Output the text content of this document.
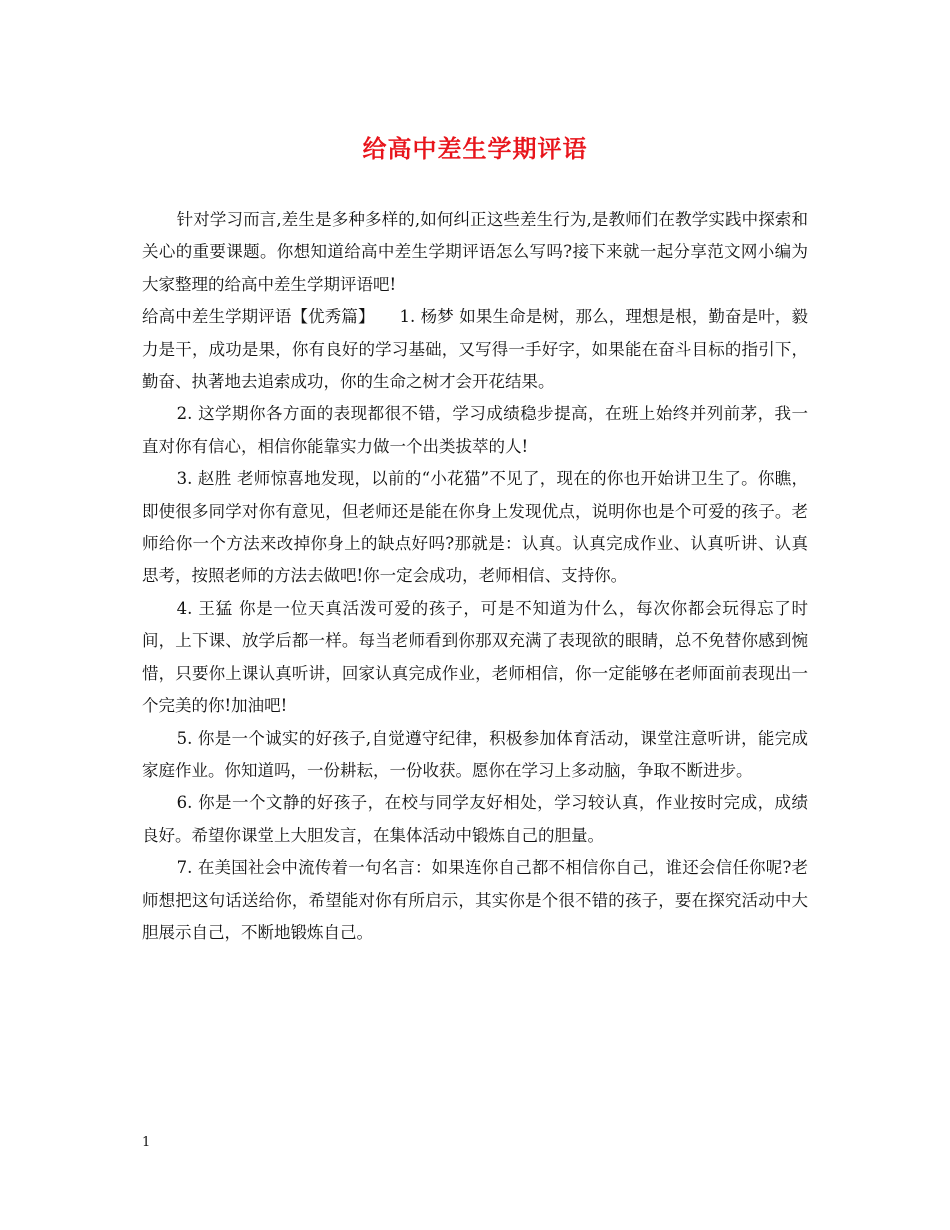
给高中差生学期评语

针对学习而言,差生是多种多样的,如何纠正这些差生行为,是教师们在教学实践中探索和关心的重要课题。你想知道给高中差生学期评语怎么写吗?接下来就一起分享范文网小编为大家整理的给高中差生学期评语吧!

给高中差生学期评语【优秀篇】　　1. 杨梦 如果生命是树，那么，理想是根，勤奋是叶，毅力是干，成功是果，你有良好的学习基础，又写得一手好字，如果能在奋斗目标的指引下，勤奋、执著地去追索成功，你的生命之树才会开花结果。

2. 这学期你各方面的表现都很不错，学习成绩稳步提高，在班上始终并列前茅，我一直对你有信心，相信你能靠实力做一个出类拔萃的人!

3. 赵胜 老师惊喜地发现，以前的“小花猫”不见了，现在的你也开始讲卫生了。你瞧，即使很多同学对你有意见，但老师还是能在你身上发现优点，说明你也是个可爱的孩子。老师给你一个方法来改掉你身上的缺点好吗?那就是：认真。认真完成作业、认真听讲、认真思考，按照老师的方法去做吧!你一定会成功，老师相信、支持你。

4. 王猛 你是一位天真活泼可爱的孩子，可是不知道为什么，每次你都会玩得忘了时间，上下课、放学后都一样。每当老师看到你那双充满了表现欲的眼睛，总不免替你感到惋惜，只要你上课认真听讲，回家认真完成作业，老师相信，你一定能够在老师面前表现出一个完美的你!加油吧!

5. 你是一个诚实的好孩子,自觉遵守纪律，积极参加体育活动，课堂注意听讲，能完成家庭作业。你知道吗，一份耕耘，一份收获。愿你在学习上多动脑，争取不断进步。

6. 你是一个文静的好孩子，在校与同学友好相处，学习较认真，作业按时完成，成绩良好。希望你课堂上大胆发言，在集体活动中锻炼自己的胆量。

7. 在美国社会中流传着一句名言：如果连你自己都不相信你自己，谁还会信任你呢?老师想把这句话送给你，希望能对你有所启示，其实你是个很不错的孩子，要在探究活动中大胆展示自己，不断地锻炼自己。

1
